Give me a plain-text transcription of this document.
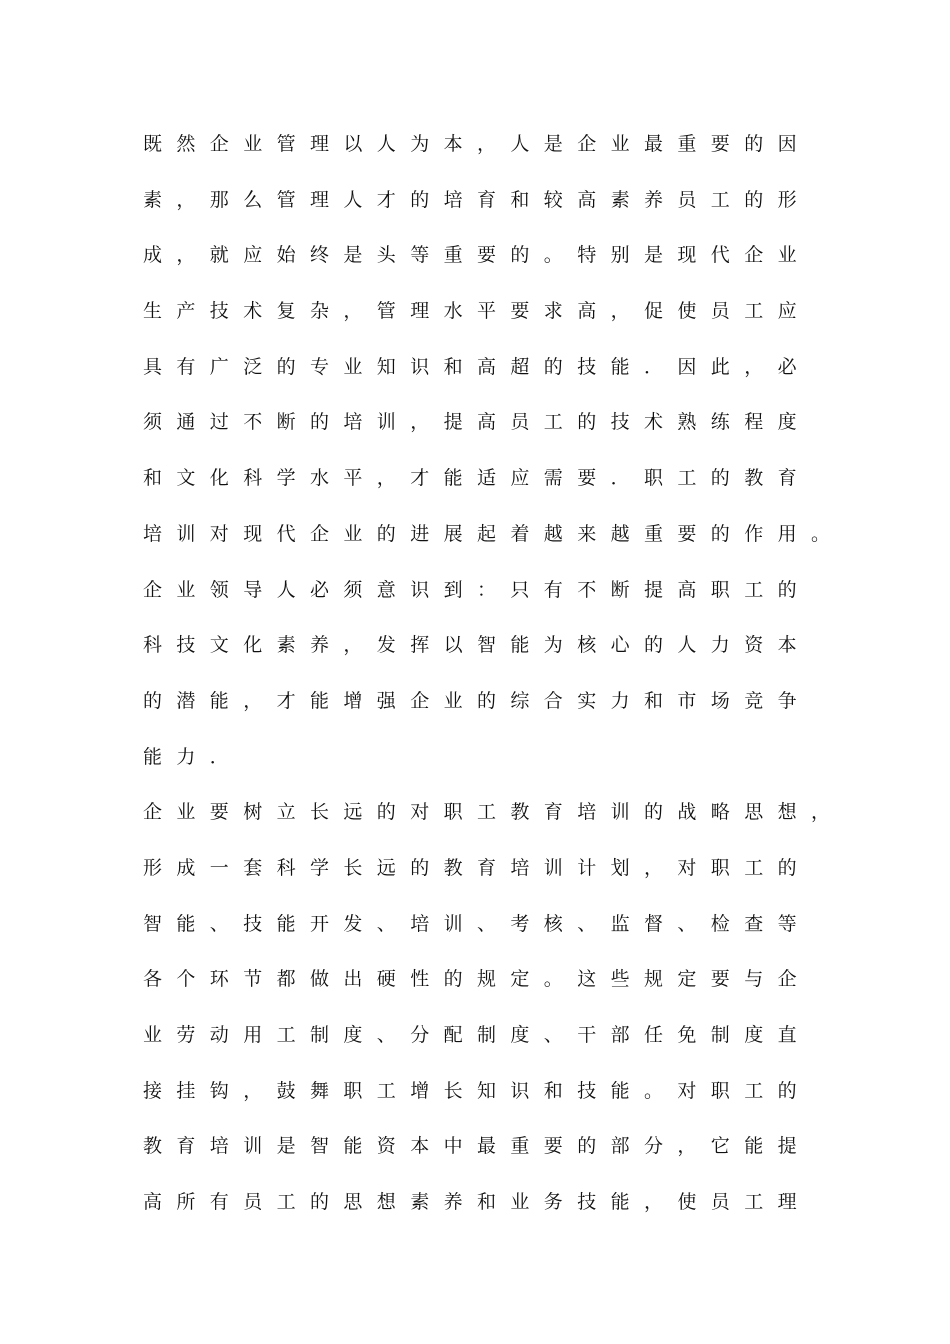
既然企业管理以人为本，人是企业最重要的因
素，那么管理人才的培育和较高素养员工的形
成，就应始终是头等重要的。特别是现代企业
生产技术复杂，管理水平要求高，促使员工应
具有广泛的专业知识和高超的技能．因此，必
须通过不断的培训，提高员工的技术熟练程度
和文化科学水平，才能适应需要．职工的教育
培训对现代企业的进展起着越来越重要的作用。
企业领导人必须意识到：只有不断提高职工的
科技文化素养，发挥以智能为核心的人力资本
的潜能，才能增强企业的综合实力和市场竞争
能力．
企业要树立长远的对职工教育培训的战略思想，
形成一套科学长远的教育培训计划，对职工的
智能、技能开发、培训、考核、监督、检查等
各个环节都做出硬性的规定。这些规定要与企
业劳动用工制度、分配制度、干部任免制度直
接挂钩，鼓舞职工增长知识和技能。对职工的
教育培训是智能资本中最重要的部分，它能提
高所有员工的思想素养和业务技能，使员工理
